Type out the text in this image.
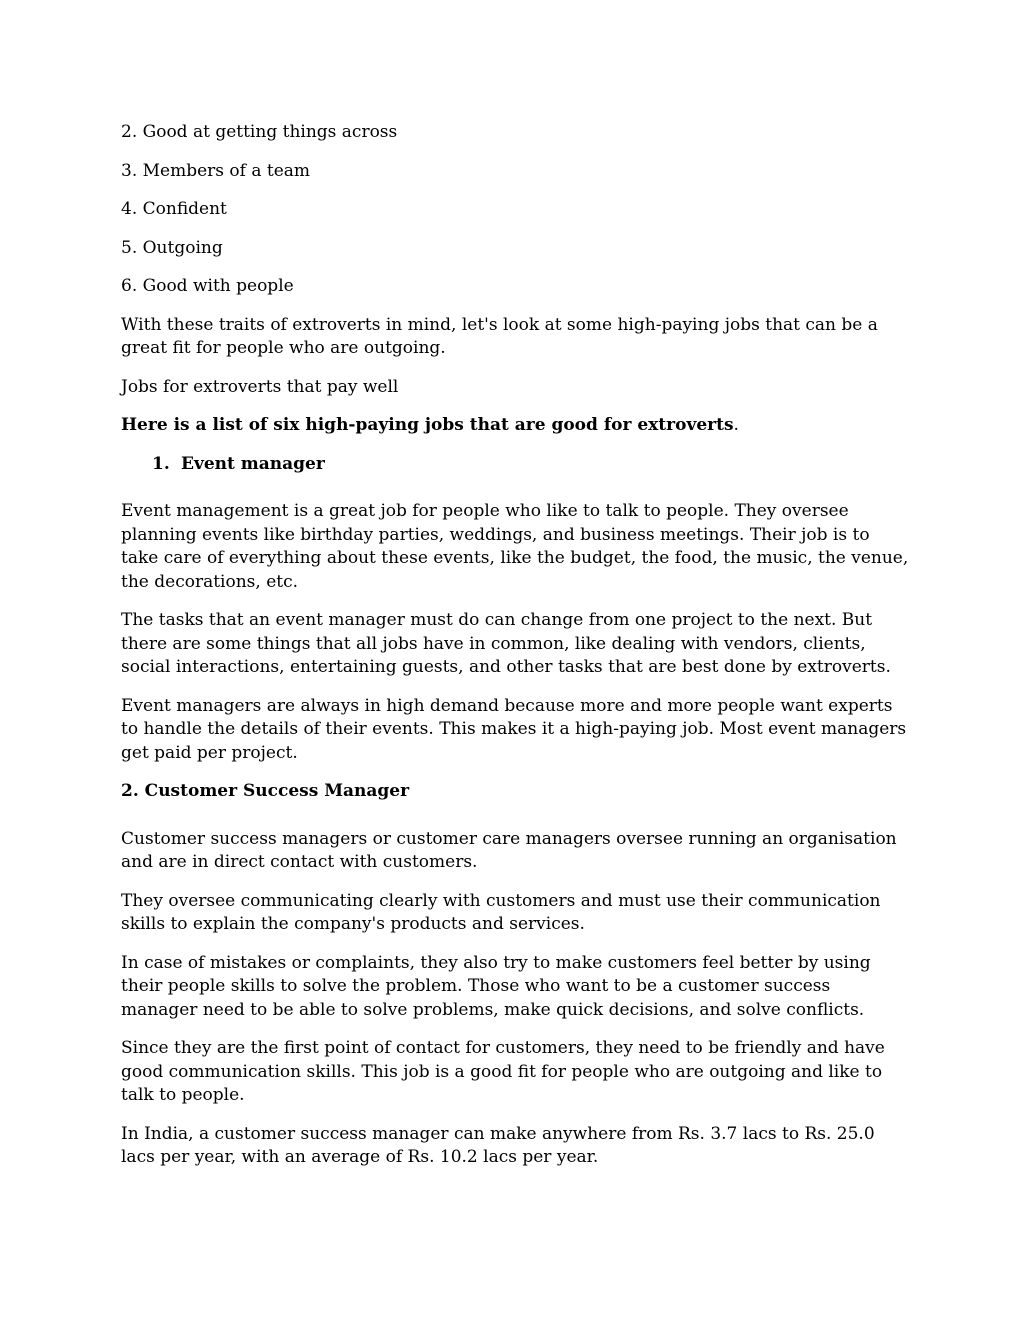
2. Good at getting things across

3. Members of a team

4. Confident

5. Outgoing

6. Good with people

With these traits of extroverts in mind, let's look at some high-paying jobs that can be a great fit for people who are outgoing.

Jobs for extroverts that pay well

Here is a list of six high-paying jobs that are good for extroverts.

1. Event manager

Event management is a great job for people who like to talk to people. They oversee planning events like birthday parties, weddings, and business meetings. Their job is to take care of everything about these events, like the budget, the food, the music, the venue, the decorations, etc.

The tasks that an event manager must do can change from one project to the next. But there are some things that all jobs have in common, like dealing with vendors, clients, social interactions, entertaining guests, and other tasks that are best done by extroverts.

Event managers are always in high demand because more and more people want experts to handle the details of their events. This makes it a high-paying job. Most event managers get paid per project.

2. Customer Success Manager

Customer success managers or customer care managers oversee running an organisation and are in direct contact with customers.

They oversee communicating clearly with customers and must use their communication skills to explain the company's products and services.

In case of mistakes or complaints, they also try to make customers feel better by using their people skills to solve the problem. Those who want to be a customer success manager need to be able to solve problems, make quick decisions, and solve conflicts.

Since they are the first point of contact for customers, they need to be friendly and have good communication skills. This job is a good fit for people who are outgoing and like to talk to people.

In India, a customer success manager can make anywhere from Rs. 3.7 lacs to Rs. 25.0 lacs per year, with an average of Rs. 10.2 lacs per year.
